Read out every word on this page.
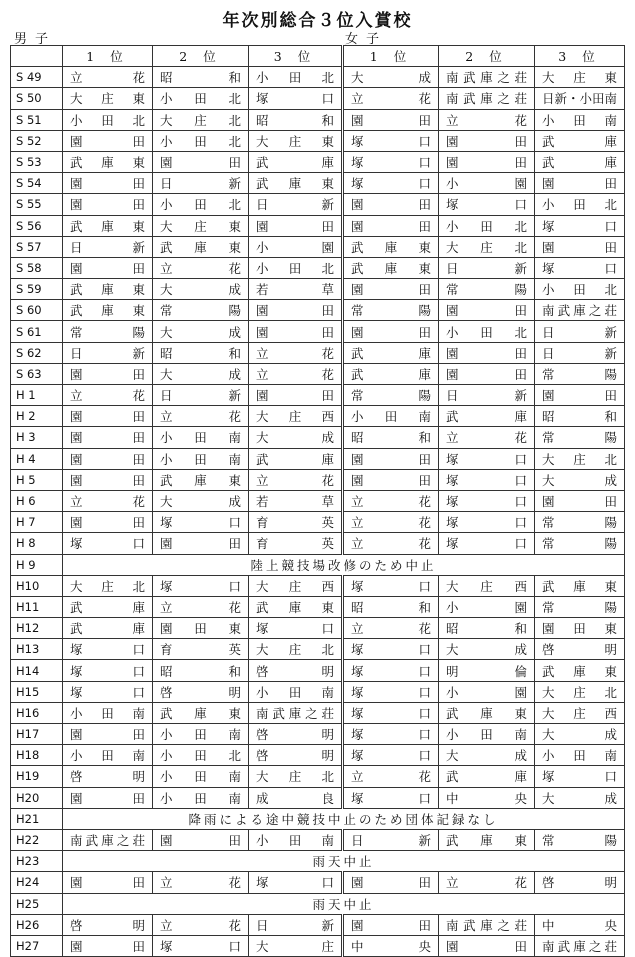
年次別総合３位入賞校
男子	女子
	1 位	2 位	3 位	1 位	2 位	3 位
S 49	立花	昭和	小田北	大成	南武庫之荘	大庄東
S 50	大庄東	小田北	塚口	立花	南武庫之荘	日新・小田南
S 51	小田北	大庄北	昭和	園田	立花	小田南
S 52	園田	小田北	大庄東	塚口	園田	武庫
S 53	武庫東	園田	武庫	塚口	園田	武庫
S 54	園田	日新	武庫東	塚口	小園	園田
S 55	園田	小田北	日新	園田	塚口	小田北
S 56	武庫東	大庄東	園田	園田	小田北	塚口
S 57	日新	武庫東	小園	武庫東	大庄北	園田
S 58	園田	立花	小田北	武庫東	日新	塚口
S 59	武庫東	大成	若草	園田	常陽	小田北
S 60	武庫東	常陽	園田	常陽	園田	南武庫之荘
S 61	常陽	大成	園田	園田	小田北	日新
S 62	日新	昭和	立花	武庫	園田	日新
S 63	園田	大成	立花	武庫	園田	常陽
H 1	立花	日新	園田	常陽	日新	園田
H 2	園田	立花	大庄西	小田南	武庫	昭和
H 3	園田	小田南	大成	昭和	立花	常陽
H 4	園田	小田南	武庫	園田	塚口	大庄北
H 5	園田	武庫東	立花	園田	塚口	大成
H 6	立花	大成	若草	立花	塚口	園田
H 7	園田	塚口	育英	立花	塚口	常陽
H 8	塚口	園田	育英	立花	塚口	常陽
H 9	陸上競技場改修のため中止					
H10	大庄北	塚口	大庄西	塚口	大庄西	武庫東
H11	武庫	立花	武庫東	昭和	小園	常陽
H12	武庫	園田東	塚口	立花	昭和	園田東
H13	塚口	育英	大庄北	塚口	大成	啓明
H14	塚口	昭和	啓明	塚口	明倫	武庫東
H15	塚口	啓明	小田南	塚口	小園	大庄北
H16	小田南	武庫東	南武庫之荘	塚口	武庫東	大庄西
H17	園田	小田南	啓明	塚口	小田南	大成
H18	小田南	小田北	啓明	塚口	大成	小田南
H19	啓明	小田南	大庄北	立花	武庫	塚口
H20	園田	小田南	成良	塚口	中央	大成
H21	降雨による途中競技中止のため団体記録なし					
H22	南武庫之荘	園田	小田南	日新	武庫東	常陽
H23	雨天中止					
H24	園田	立花	塚口	園田	立花	啓明
H25	雨天中止					
H26	啓明	立花	日新	園田	南武庫之荘	中央
H27	園田	塚口	大庄	中央	園田	南武庫之荘
